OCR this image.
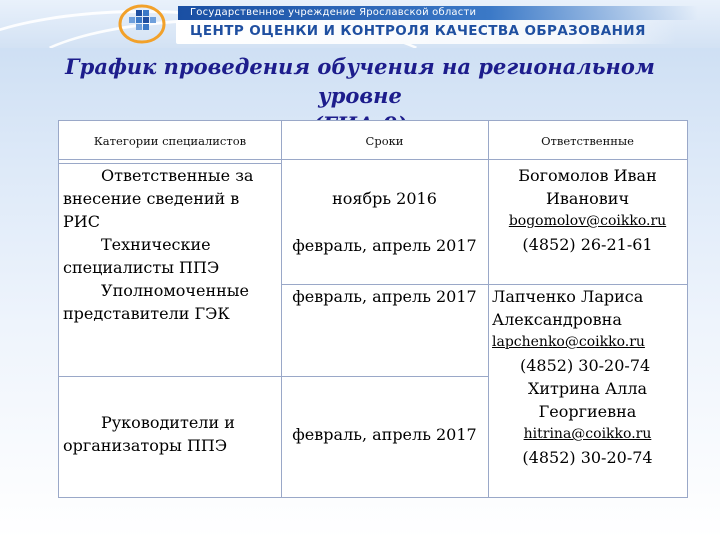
Государственное учреждение Ярославской области
ЦЕНТР ОЦЕНКИ И КОНТРОЛЯ КАЧЕСТВА ОБРАЗОВАНИЯ
График проведения обучения на региональном уровне
Категории специалистов	Сроки	Ответственные
Ответственные за
внесение сведений в
РИС
Технические
специалисты ППЭ
Уполномоченные
представители ГЭК
Руководители и
организаторы ППЭ
ноябрь 2016
февраль, апрель 2017
февраль, апрель 2017
февраль, апрель 2017
Богомолов Иван
Иванович
bogomolov@coikko.ru
(4852) 26-21-61
Лапченко Лариса
Александровна
lapchenko@coikko.ru
(4852) 30-20-74
Хитрина Алла
Георгиевна
hitrina@coikko.ru
(4852) 30-20-74
